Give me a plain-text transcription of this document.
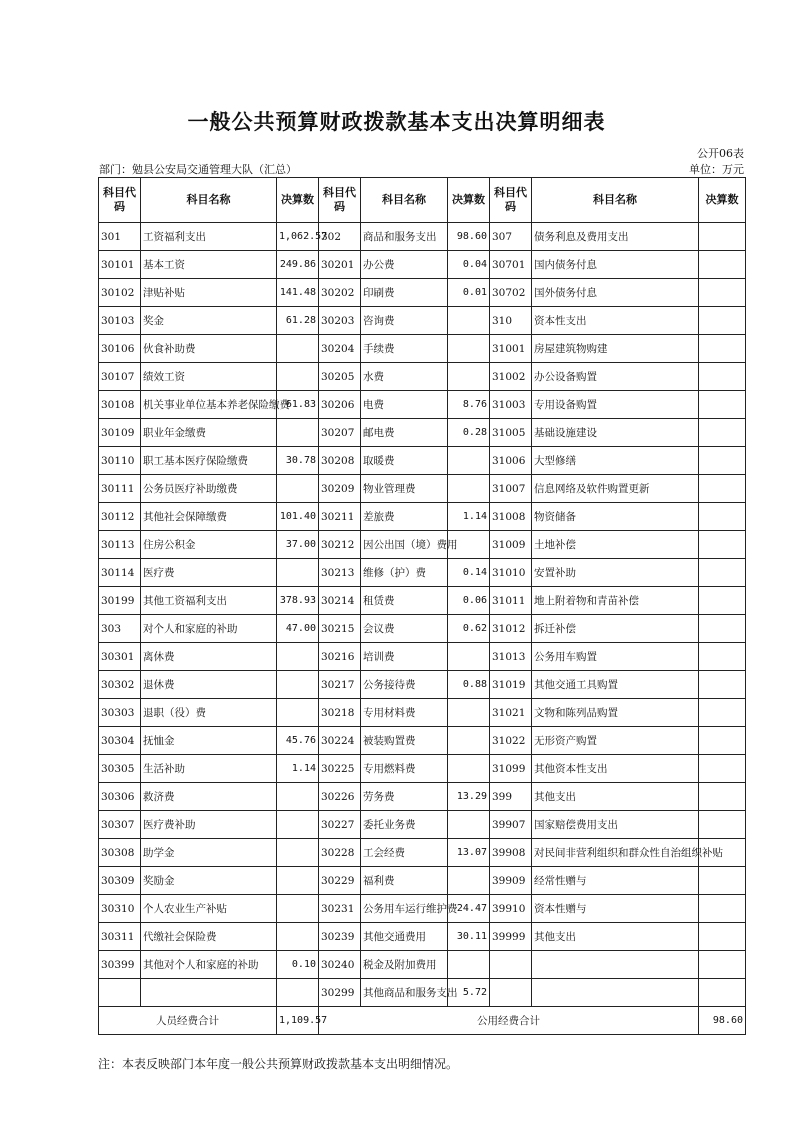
一般公共预算财政拨款基本支出决算明细表
公开06表
部门：勉县公安局交通管理大队（汇总）	单位：万元
科目代码	科目名称	决算数	科目代码	科目名称	决算数	科目代码	科目名称	决算数
301	工资福利支出	1,062.57	302	商品和服务支出	98.60	307	债务利息及费用支出	
30101	基本工资	249.86	30201	办公费	0.04	30701	国内债务付息	
30102	津贴补贴	141.48	30202	印刷费	0.01	30702	国外债务付息	
30103	奖金	61.28	30203	咨询费		310	资本性支出	
30106	伙食补助费		30204	手续费		31001	房屋建筑物购建	
30107	绩效工资		30205	水费		31002	办公设备购置	
30108	机关事业单位基本养老保险缴费	61.83	30206	电费	8.76	31003	专用设备购置	
30109	职业年金缴费		30207	邮电费	0.28	31005	基础设施建设	
30110	职工基本医疗保险缴费	30.78	30208	取暖费		31006	大型修缮	
30111	公务员医疗补助缴费		30209	物业管理费		31007	信息网络及软件购置更新	
30112	其他社会保障缴费	101.40	30211	差旅费	1.14	31008	物资储备	
30113	住房公积金	37.00	30212	因公出国（境）费用		31009	土地补偿	
30114	医疗费		30213	维修（护）费	0.14	31010	安置补助	
30199	其他工资福利支出	378.93	30214	租赁费	0.06	31011	地上附着物和青苗补偿	
303	对个人和家庭的补助	47.00	30215	会议费	0.62	31012	拆迁补偿	
30301	离休费		30216	培训费		31013	公务用车购置	
30302	退休费		30217	公务接待费	0.88	31019	其他交通工具购置	
30303	退职（役）费		30218	专用材料费		31021	文物和陈列品购置	
30304	抚恤金	45.76	30224	被装购置费		31022	无形资产购置	
30305	生活补助	1.14	30225	专用燃料费		31099	其他资本性支出	
30306	救济费		30226	劳务费	13.29	399	其他支出	
30307	医疗费补助		30227	委托业务费		39907	国家赔偿费用支出	
30308	助学金		30228	工会经费	13.07	39908	对民间非营利组织和群众性自治组织补贴	
30309	奖励金		30229	福利费		39909	经常性赠与	
30310	个人农业生产补贴		30231	公务用车运行维护费	24.47	39910	资本性赠与	
30311	代缴社会保险费		30239	其他交通费用	30.11	39999	其他支出	
30399	其他对个人和家庭的补助	0.10	30240	税金及附加费用				
			30299	其他商品和服务支出	5.72			
人员经费合计		1,109.57	公用经费合计					98.60
注：本表反映部门本年度一般公共预算财政拨款基本支出明细情况。
